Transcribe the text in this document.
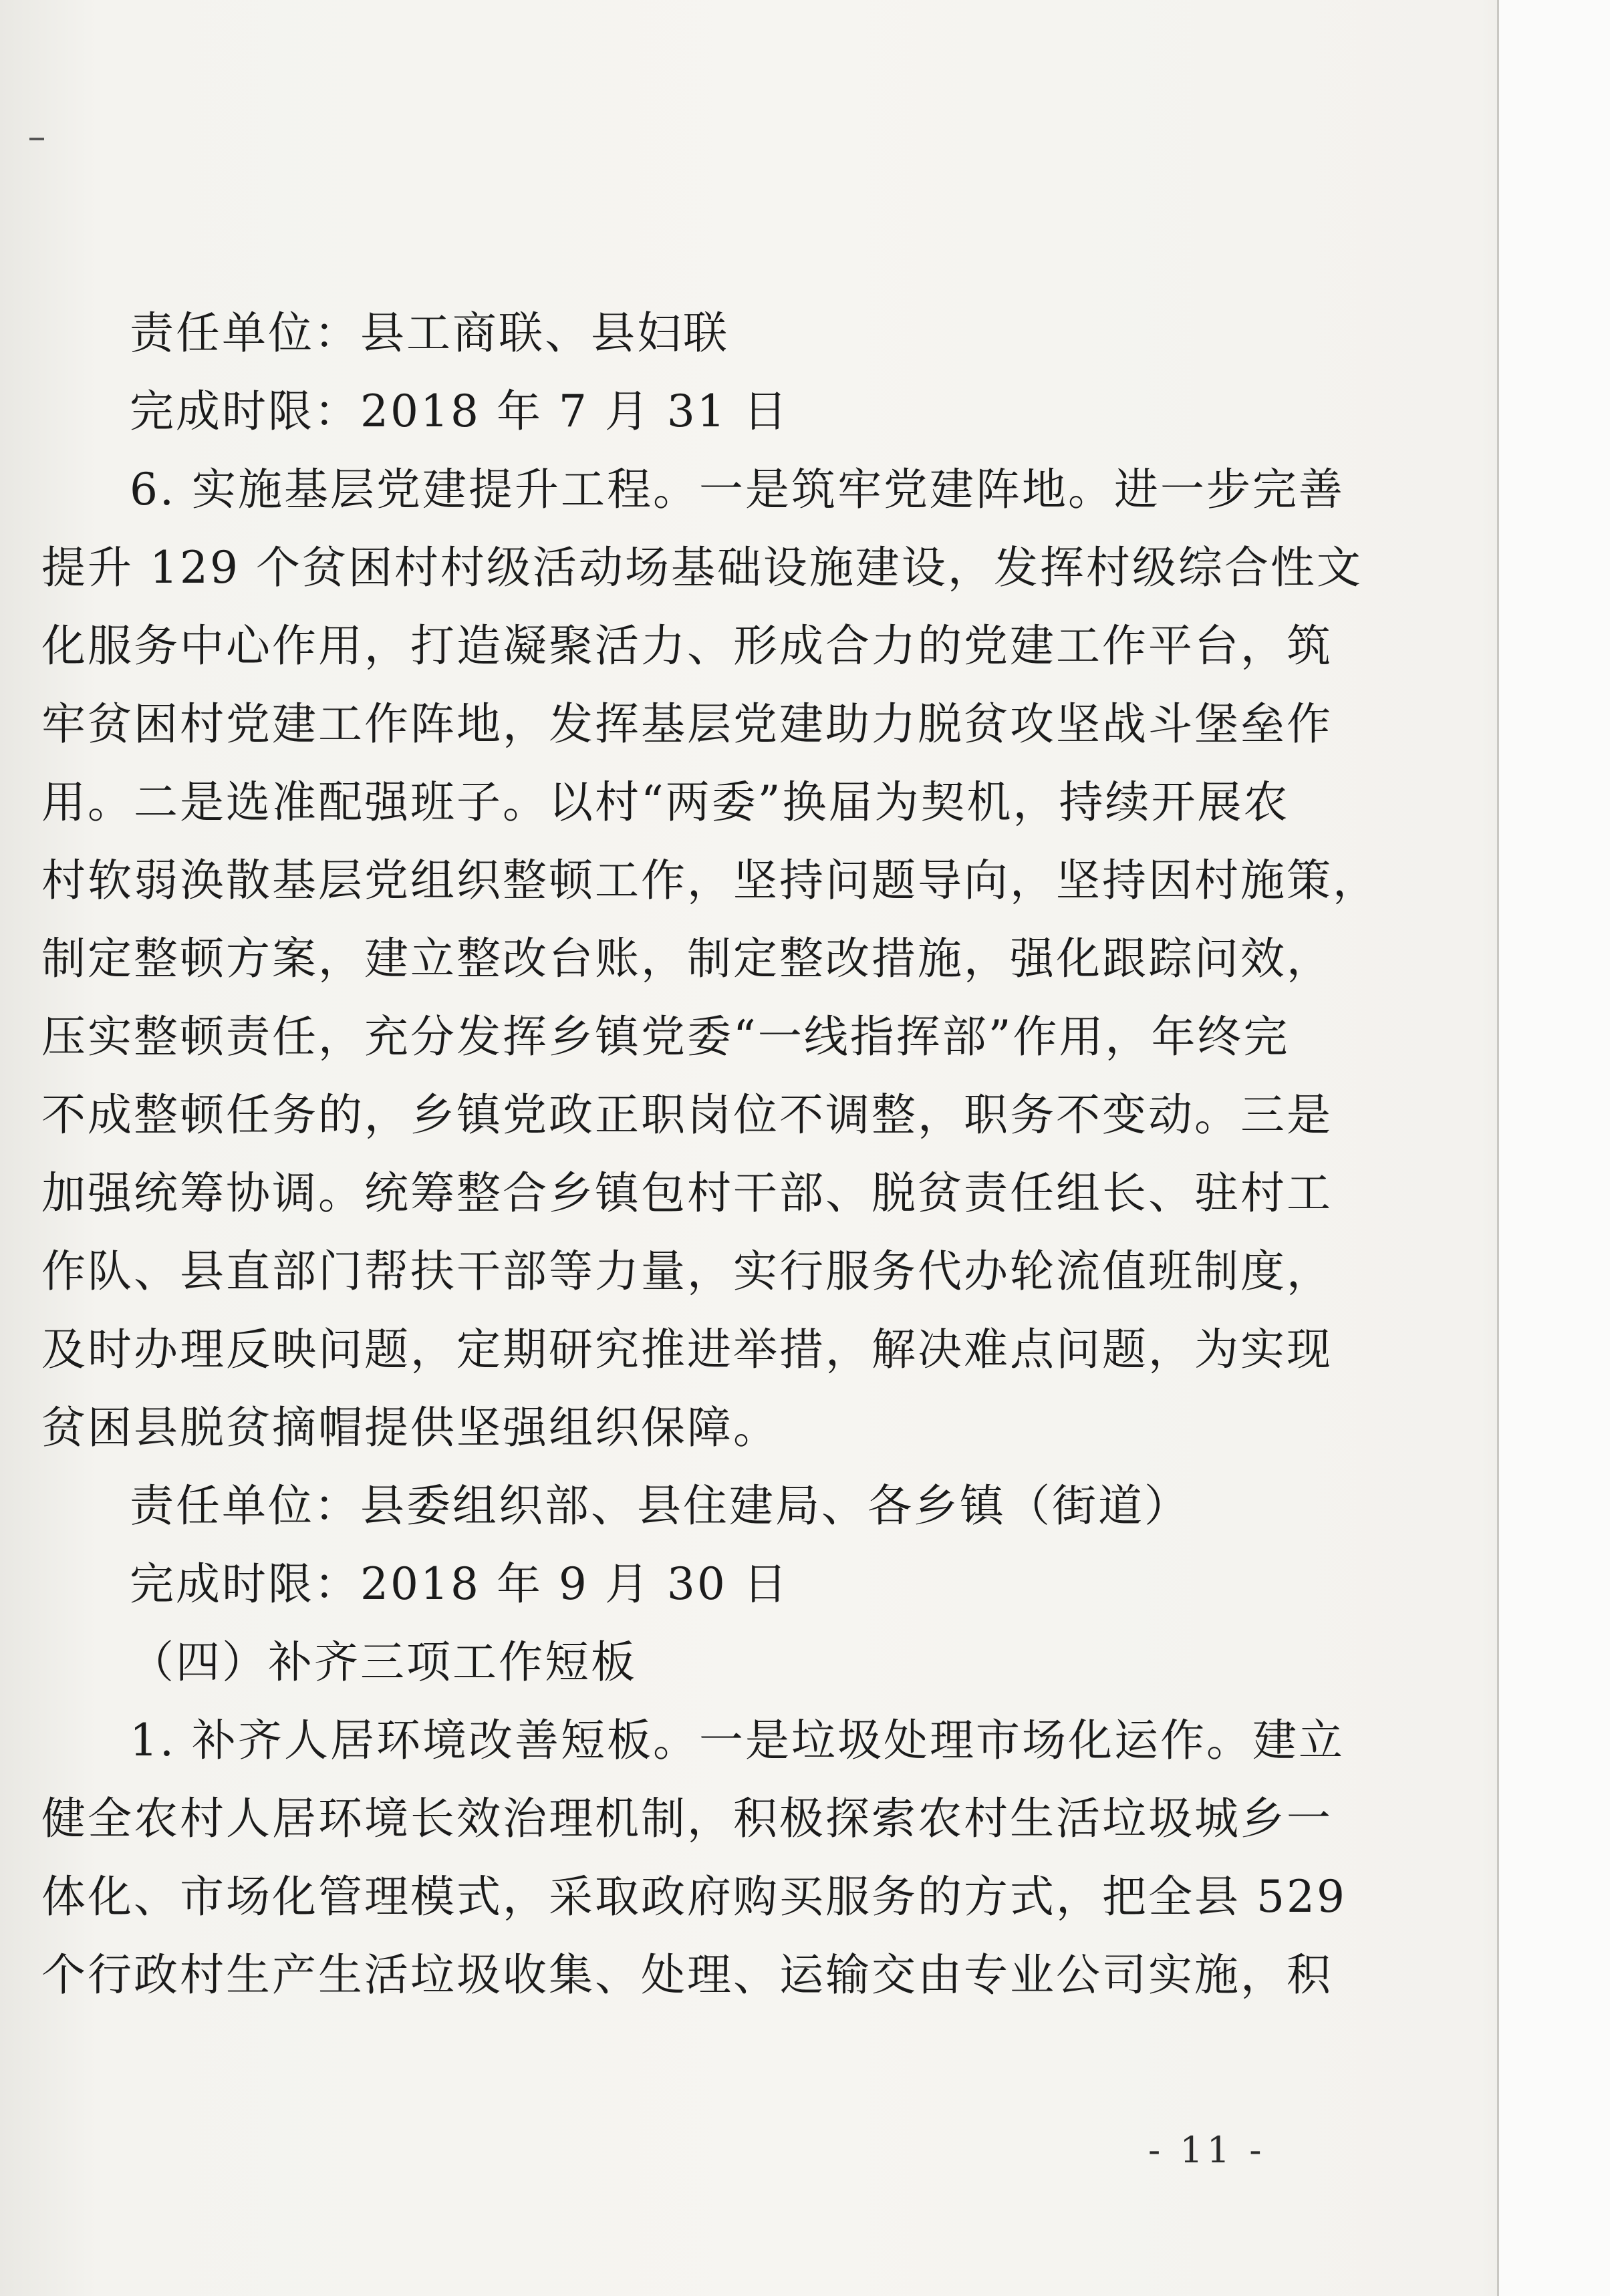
责任单位：县工商联、县妇联
完成时限：2018 年 7 月 31 日
6. 实施基层党建提升工程。一是筑牢党建阵地。进一步完善
提升 129 个贫困村村级活动场基础设施建设，发挥村级综合性文
化服务中心作用，打造凝聚活力、形成合力的党建工作平台，筑
牢贫困村党建工作阵地，发挥基层党建助力脱贫攻坚战斗堡垒作
用。二是选准配强班子。以村“两委”换届为契机，持续开展农
村软弱涣散基层党组织整顿工作，坚持问题导向，坚持因村施策，
制定整顿方案，建立整改台账，制定整改措施，强化跟踪问效，
压实整顿责任，充分发挥乡镇党委“一线指挥部”作用，年终完
不成整顿任务的，乡镇党政正职岗位不调整，职务不变动。三是
加强统筹协调。统筹整合乡镇包村干部、脱贫责任组长、驻村工
作队、县直部门帮扶干部等力量，实行服务代办轮流值班制度，
及时办理反映问题，定期研究推进举措，解决难点问题，为实现
贫困县脱贫摘帽提供坚强组织保障。
责任单位：县委组织部、县住建局、各乡镇（街道）
完成时限：2018 年 9 月 30 日
（四）补齐三项工作短板
1. 补齐人居环境改善短板。一是垃圾处理市场化运作。建立
健全农村人居环境长效治理机制，积极探索农村生活垃圾城乡一
体化、市场化管理模式，采取政府购买服务的方式，把全县 529
个行政村生产生活垃圾收集、处理、运输交由专业公司实施，积
- 11 -
